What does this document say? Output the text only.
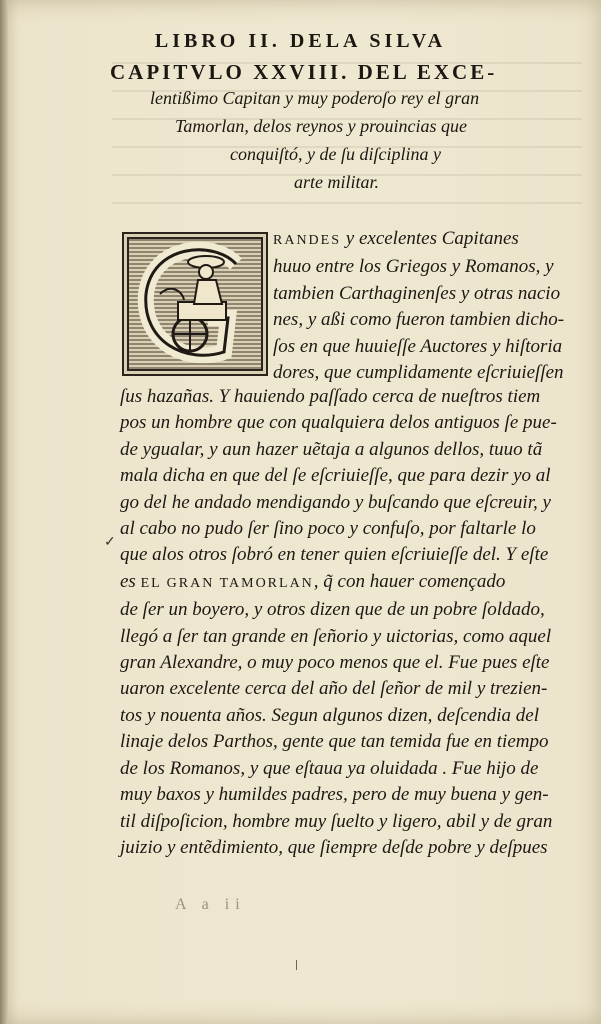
LIBRO II. DELA SILVA
CAPITVLO XXVIII. DEL EXCE-
lentißimo Capitan y muy poderoſo rey el gran
Tamorlan, delos reynos y prouincias que
conquiſtó, y de ſu diſciplina y
arte militar.
RANDES y excelentes Capitanes
huuo entre los Griegos y Romanos, y
tambien Carthaginenſes y otras nacio
nes, y aßi como fueron tambien dicho-
ſos en que huuieſſe Auctores y hiſtoria
dores, que cumplidamente eſcriuieſſen
ſus hazañas. Y hauiendo paſſado cerca de nueſtros tiem
pos un hombre que con qualquiera delos antiguos ſe pue-
de ygualar, y aun hazer uẽtaja a algunos dellos, tuuo tã
mala dicha en que del ſe eſcriuieſſe, que para dezir yo al
go del he andado mendigando y buſcando que eſcreuir, y
al cabo no pudo ſer ſino poco y confuſo, por faltarle lo
que alos otros ſobró en tener quien eſcriuieſſe del. Y eſte
es EL GRAN TAMORLAN, q̃ con hauer començado
de ſer un boyero, y otros dizen que de un pobre ſoldado,
llegó a ſer tan grande en ſeñorio y uictorias, como aquel
gran Alexandre, o muy poco menos que el. Fue pues eſte
uaron excelente cerca del año del ſeñor de mil y trezien-
tos y nouenta años. Segun algunos dizen, deſcendia del
linaje delos Parthos, gente que tan temida fue en tiempo
de los Romanos, y que eſtaua ya oluidada . Fue hijo de
muy baxos y humildes padres, pero de muy buena y gen-
til diſpoſicion, hombre muy ſuelto y ligero, abil y de gran
juizio y entẽdimiento, que ſiempre deſde pobre y deſpues
✓
A a ii
